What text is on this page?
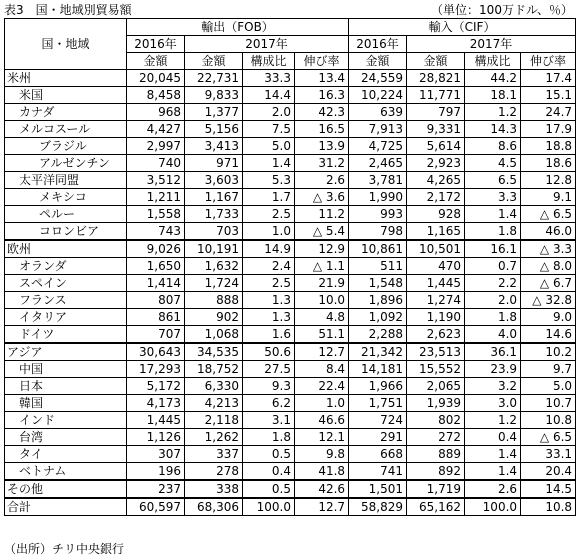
表3　国・地域別貿易額	（単位：100万ドル、％）
国・地域	輸出（FOB）				輸入（CIF）			
	2016年	2017年			2016年	2017年		
	金額	金額	構成比	伸び率	金額	金額	構成比	伸び率
米州	20,045	22,731	33.3	13.4	24,559	28,821	44.2	17.4
米国	8,458	9,833	14.4	16.3	10,224	11,771	18.1	15.1
カナダ	968	1,377	2.0	42.3	639	797	1.2	24.7
メルコスール	4,427	5,156	7.5	16.5	7,913	9,331	14.3	17.9
ブラジル	2,997	3,413	5.0	13.9	4,725	5,614	8.6	18.8
アルゼンチン	740	971	1.4	31.2	2,465	2,923	4.5	18.6
太平洋同盟	3,512	3,603	5.3	2.6	3,781	4,265	6.5	12.8
メキシコ	1,211	1,167	1.7	△ 3.6	1,990	2,172	3.3	9.1
ペルー	1,558	1,733	2.5	11.2	993	928	1.4	△ 6.5
コロンビア	743	703	1.0	△ 5.4	798	1,165	1.8	46.0
欧州	9,026	10,191	14.9	12.9	10,861	10,501	16.1	△ 3.3
オランダ	1,650	1,632	2.4	△ 1.1	511	470	0.7	△ 8.0
スペイン	1,414	1,724	2.5	21.9	1,548	1,445	2.2	△ 6.7
フランス	807	888	1.3	10.0	1,896	1,274	2.0	△ 32.8
イタリア	861	902	1.3	4.8	1,092	1,190	1.8	9.0
ドイツ	707	1,068	1.6	51.1	2,288	2,623	4.0	14.6
アジア	30,643	34,535	50.6	12.7	21,342	23,513	36.1	10.2
中国	17,293	18,752	27.5	8.4	14,181	15,552	23.9	9.7
日本	5,172	6,330	9.3	22.4	1,966	2,065	3.2	5.0
韓国	4,173	4,213	6.2	1.0	1,751	1,939	3.0	10.7
インド	1,445	2,118	3.1	46.6	724	802	1.2	10.8
台湾	1,126	1,262	1.8	12.1	291	272	0.4	△ 6.5
タイ	307	337	0.5	9.8	668	889	1.4	33.1
ベトナム	196	278	0.4	41.8	741	892	1.4	20.4
その他	237	338	0.5	42.6	1,501	1,719	2.6	14.5
合計	60,597	68,306	100.0	12.7	58,829	65,162	100.0	10.8
（出所）チリ中央銀行
